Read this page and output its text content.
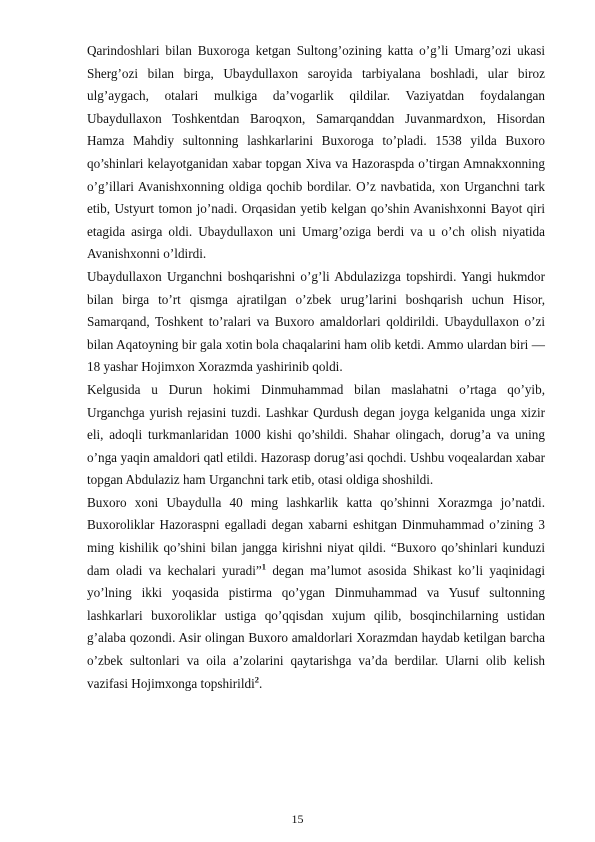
Qarindoshlari bilan Buxoroga ketgan Sultong’ozining katta o’g’li Umarg’ozi ukasi Sherg’ozi bilan birga, Ubaydullaxon saroyida tarbiyalana boshladi, ular biroz ulg’aygach, otalari mulkiga da’vogarlik qildilar. Vaziyatdan foydalangan Ubaydullaxon Toshkentdan Baroqxon, Samarqanddan Juvanmardxon, Hisordan Hamza Mahdiy sultonning lashkarlarini Buxoroga to’pladi. 1538 yilda Buxoro qo’shinlari kelayotganidan xabar topgan Xiva va Hazoraspda o’tirgan Amnakxonning o’g’illari Avanishxonning oldiga qochib bordilar. O’z navbatida, xon Urganchni tark etib, Ustyurt tomon jo’nadi. Orqasidan yetib kelgan qo’shin Avanishxonni Bayot qiri etagida asirga oldi. Ubaydullaxon uni Umarg’oziga berdi va u o’ch olish niyatida Avanishxonni o’ldirdi.

Ubaydullaxon Urganchni boshqarishni o’g’li Abdulazizga topshirdi. Yangi hukmdor bilan birga to’rt qismga ajratilgan o’zbek urug’larini boshqarish uchun Hisor, Samarqand, Toshkent to’ralari va Buxoro amaldorlari qoldirildi. Ubaydullaxon o’zi bilan Aqatoyning bir gala xotin bola chaqalarini ham olib ketdi. Ammo ulardan biri — 18 yashar Hojimxon Xorazmda yashirinib qoldi.

Kelgusida u Durun hokimi Dinmuhammad bilan maslahatni o’rtaga qo’yib, Urganchga yurish rejasini tuzdi. Lashkar Qurdush degan joyga kelganida unga xizir eli, adoqli turkmanlaridan 1000 kishi qo’shildi. Shahar olingach, dorug’a va uning o’nga yaqin amaldori qatl etildi. Hazorasp dorug’asi qochdi. Ushbu voqealardan xabar topgan Abdulaziz ham Urganchni tark etib, otasi oldiga shoshildi.

Buxoro xoni Ubaydulla 40 ming lashkarlik katta qo’shinni Xorazmga jo’natdi. Buxoroliklar Hazoraspni egalladi degan xabarni eshitgan Dinmuhammad o’zining 3 ming kishilik qo’shini bilan jangga kirishni niyat qildi. “Buxoro qo’shinlari kunduzi dam oladi va kechalari yuradi”$^1$ degan ma’lumot asosida Shikast ko’li yaqinidagi yo’lning ikki yoqasida pistirma qo’ygan Dinmuhammad va Yusuf sultonning lashkarlari buxoroliklar ustiga qo’qqisdan xujum qilib, bosqinchilarning ustidan g’alaba qozondi. Asir olingan Buxoro amaldorlari Xorazmdan haydab ketilgan barcha o’zbek sultonlari va oila a’zolarini qaytarishga va’da berdilar. Ularni olib kelish vazifasi Hojimxonga topshirildi$^2$.

15
